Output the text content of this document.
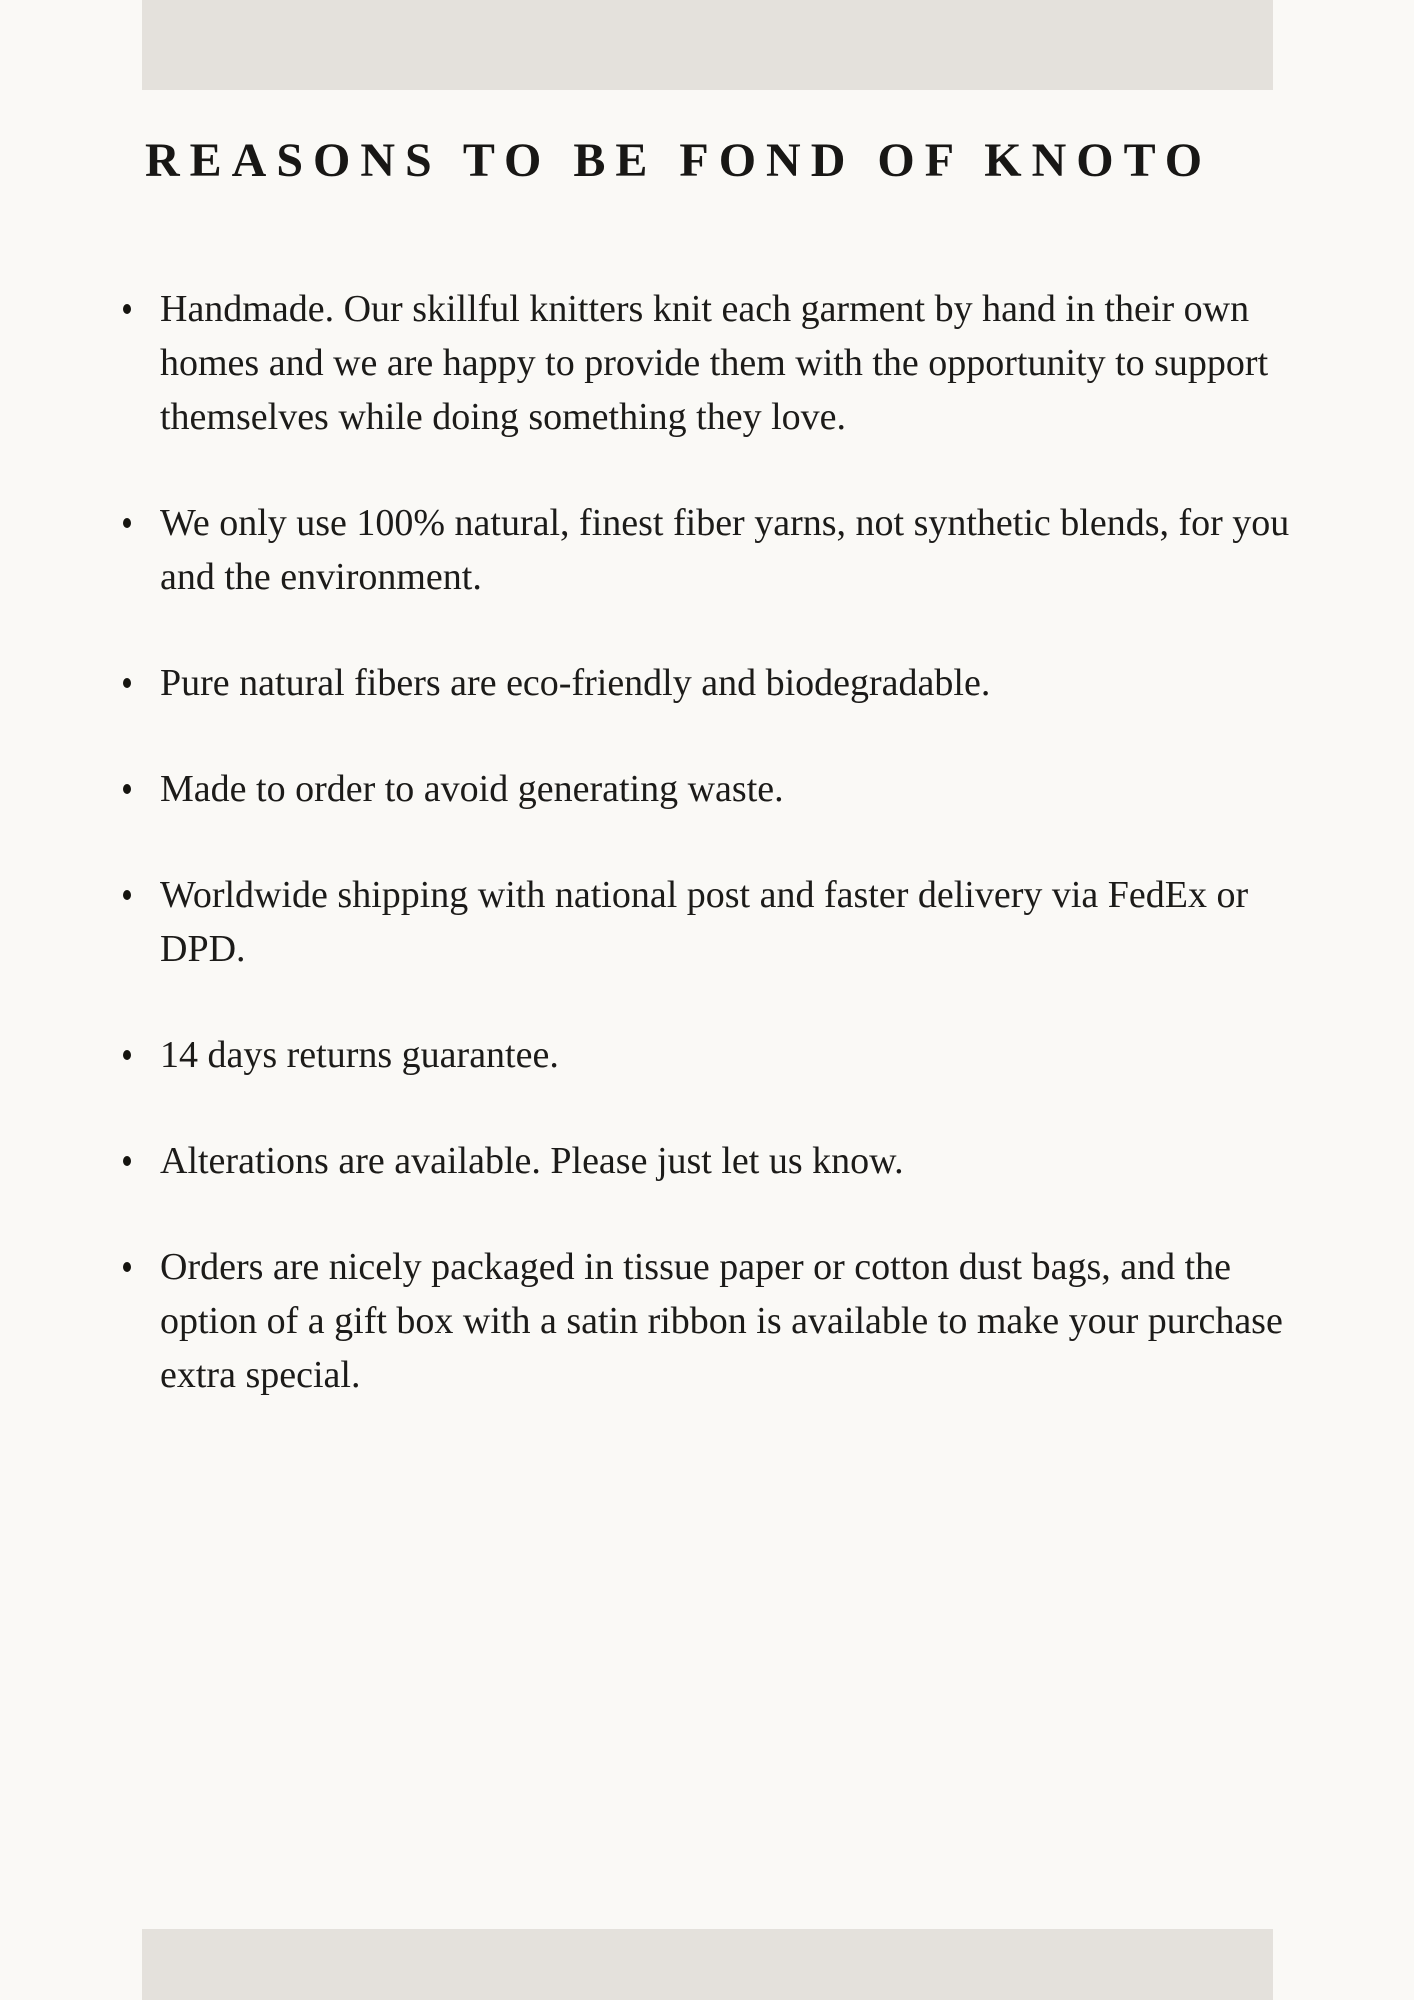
REASONS TO BE FOND OF KNOTO
Handmade. Our skillful knitters knit each garment by hand in their own homes and we are happy to provide them with the opportunity to support themselves while doing something they love.
We only use 100% natural, finest fiber yarns, not synthetic blends, for you and the environment.
Pure natural fibers are eco-friendly and biodegradable.
Made to order to avoid generating waste.
Worldwide shipping with national post and faster delivery via FedEx or DPD.
14 days returns guarantee.
Alterations are available. Please just let us know.
Orders are nicely packaged in tissue paper or cotton dust bags, and the option of a gift box with a satin ribbon is available to make your purchase extra special.
